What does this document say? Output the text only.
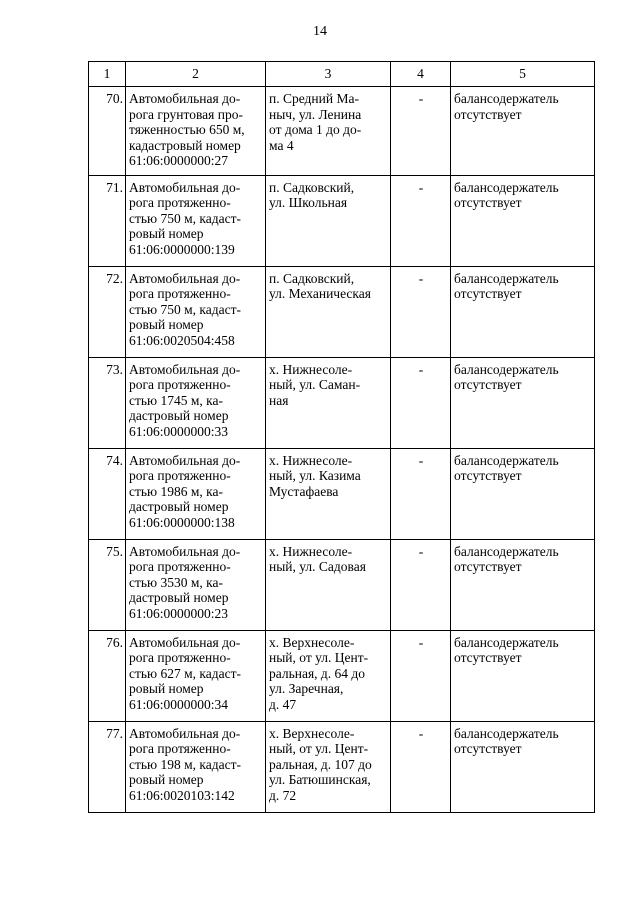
14
1	2	3	4	5
70.	Автомобильная до-
рога грунтовая про-
тяженностью 650 м,
кадастровый номер
61:06:0000000:27	п. Средний Ма-
ныч, ул. Ленина
от дома 1 до до-
ма 4	-	балансодержатель
отсутствует

71.	Автомобильная до-
рога протяженно-
стью 750 м, кадаст-
ровый номер
61:06:0000000:139	п. Садковский,
ул. Школьная	-	балансодержатель
отсутствует

72.	Автомобильная до-
рога протяженно-
стью 750 м, кадаст-
ровый номер
61:06:0020504:458	п. Садковский,
ул. Механическая	-	балансодержатель
отсутствует

73.	Автомобильная до-
рога протяженно-
стью 1745 м, ка-
дастровый номер
61:06:0000000:33	х. Нижнесоле-
ный, ул. Саман-
ная	-	балансодержатель
отсутствует

74.	Автомобильная до-
рога протяженно-
стью 1986 м, ка-
дастровый номер
61:06:0000000:138	х. Нижнесоле-
ный, ул. Казима
Мустафаева	-	балансодержатель
отсутствует

75.	Автомобильная до-
рога протяженно-
стью 3530 м, ка-
дастровый номер
61:06:0000000:23	х. Нижнесоле-
ный, ул. Садовая	-	балансодержатель
отсутствует

76.	Автомобильная до-
рога протяженно-
стью 627 м, кадаст-
ровый номер
61:06:0000000:34	х. Верхнесоле-
ный, от ул. Цент-
ральная, д. 64 до
ул. Заречная,
д. 47	-	балансодержатель
отсутствует

77.	Автомобильная до-
рога протяженно-
стью 198 м, кадаст-
ровый номер
61:06:0020103:142	х. Верхнесоле-
ный, от ул. Цент-
ральная, д. 107 до
ул. Батюшинская,
д. 72	-	балансодержатель
отсутствует
